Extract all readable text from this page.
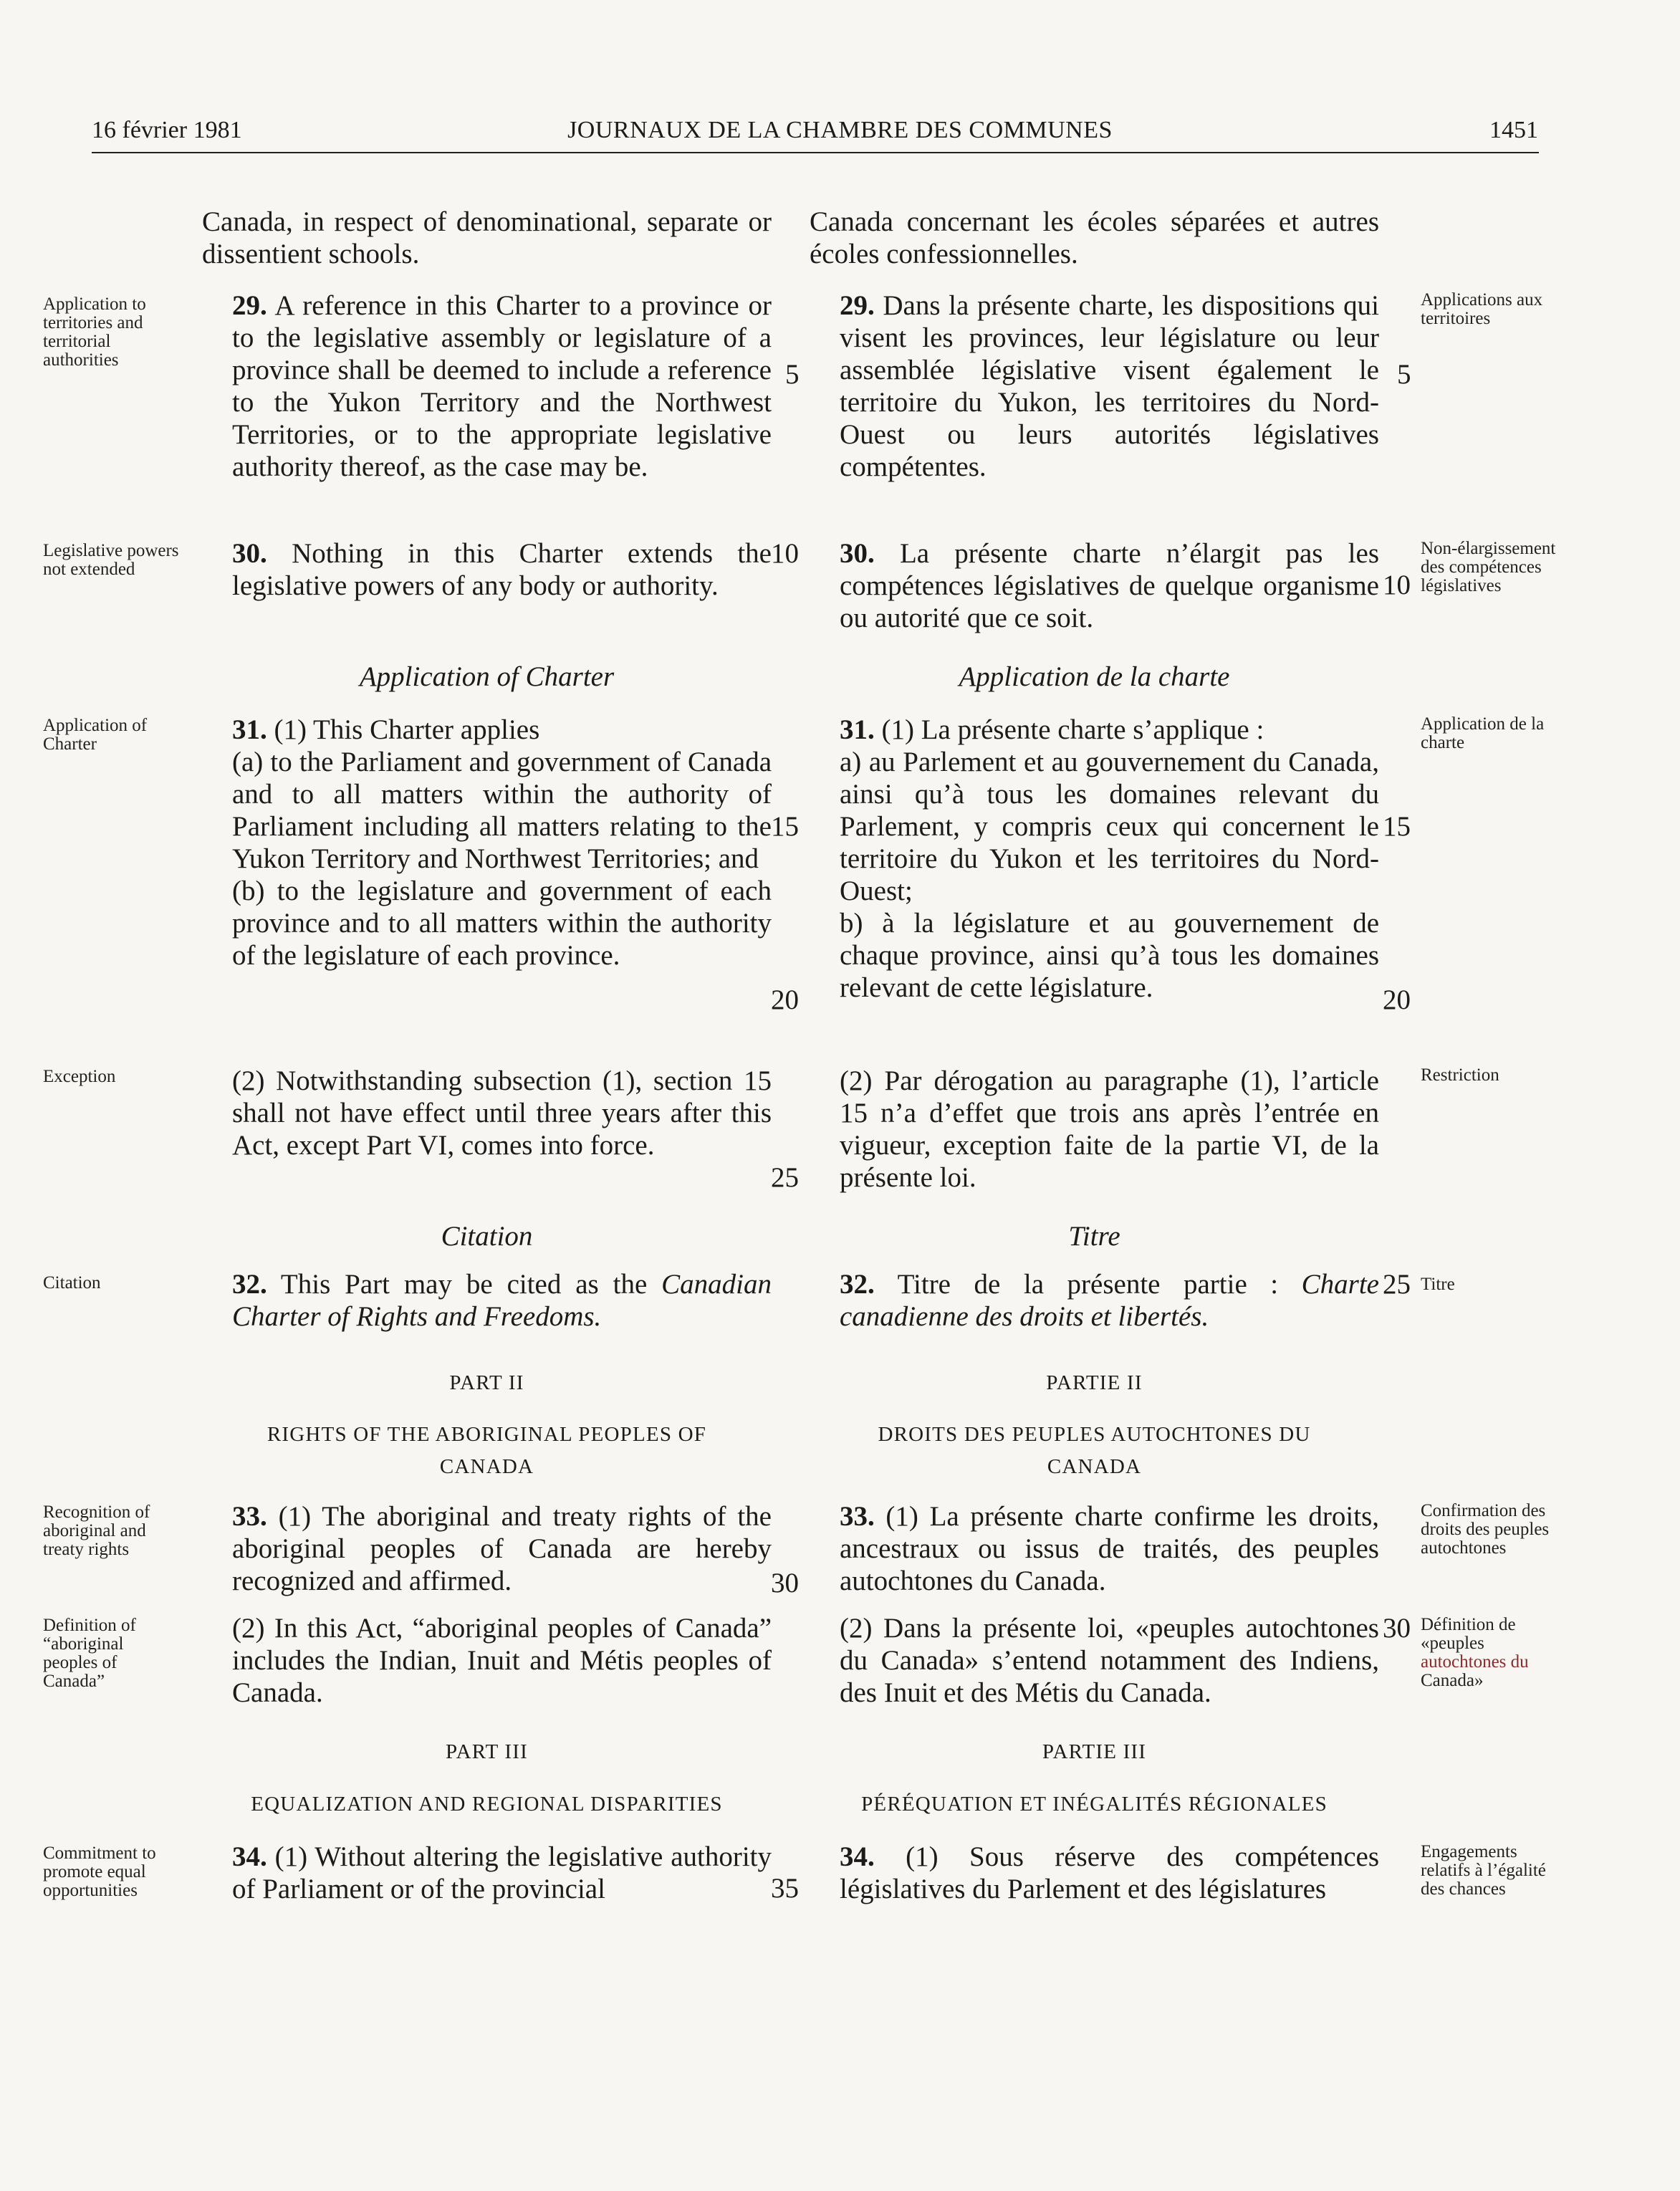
16 février 1981	JOURNAUX DE LA CHAMBRE DES COMMUNES	1451

Canada, in respect of denominational, separate or dissentient schools.

29. A reference in this Charter to a province or to the legislative assembly or legislature of a province shall be deemed to include a reference to the Yukon Territory and the Northwest Territories, or to the appropriate legislative authority thereof, as the case may be.

30. Nothing in this Charter extends the legislative powers of any body or authority.

Application of Charter

31. (1) This Charter applies

(a) to the Parliament and government of Canada and to all matters within the authority of Parliament including all matters relating to the Yukon Territory and Northwest Territories; and

(b) to the legislature and government of each province and to all matters within the authority of the legislature of each province.

(2) Notwithstanding subsection (1), section 15 shall not have effect until three years after this Act, except Part VI, comes into force.

Citation

32. This Part may be cited as the Canadian Charter of Rights and Freedoms.

PART II

RIGHTS OF THE ABORIGINAL PEOPLES OF CANADA

33. (1) The aboriginal and treaty rights of the aboriginal peoples of Canada are hereby recognized and affirmed.

(2) In this Act, “aboriginal peoples of Canada” includes the Indian, Inuit and Métis peoples of Canada.

PART III

EQUALIZATION AND REGIONAL DISPARITIES

34. (1) Without altering the legislative authority of Parliament or of the provincial

Canada concernant les écoles séparées et autres écoles confessionnelles.

29. Dans la présente charte, les dispositions qui visent les provinces, leur législature ou leur assemblée législative visent également le territoire du Yukon, les territoires du Nord-Ouest ou leurs autorités législatives compétentes.

30. La présente charte n’élargit pas les compétences législatives de quelque organisme ou autorité que ce soit.

Application de la charte

31. (1) La présente charte s’applique :

a) au Parlement et au gouvernement du Canada, ainsi qu’à tous les domaines relevant du Parlement, y compris ceux qui concernent le territoire du Yukon et les territoires du Nord-Ouest;

b) à la législature et au gouvernement de chaque province, ainsi qu’à tous les domaines relevant de cette législature.

(2) Par dérogation au paragraphe (1), l’article 15 n’a d’effet que trois ans après l’entrée en vigueur, exception faite de la partie VI, de la présente loi.

Titre

32. Titre de la présente partie : Charte canadienne des droits et libertés.

PARTIE II

DROITS DES PEUPLES AUTOCHTONES DU CANADA

33. (1) La présente charte confirme les droits, ancestraux ou issus de traités, des peuples autochtones du Canada.

(2) Dans la présente loi, «peuples autochtones du Canada» s’entend notamment des Indiens, des Inuit et des Métis du Canada.

PARTIE III

PÉRÉQUATION ET INÉGALITÉS RÉGIONALES

34. (1) Sous réserve des compétences législatives du Parlement et des législatures

Application to territories and territorial authorities
Legislative powers not extended
Application of Charter
Exception
Citation
Recognition of aboriginal and treaty rights
Definition of “aboriginal peoples of Canada”
Commitment to promote equal opportunities
Applications aux territoires
Non-élargissement des compétences législatives
Application de la charte
Restriction
Titre
Confirmation des droits des peuples autochtones
Définition de «peuples
autochtones du
Canada»
Engagements relatifs à l’égalité des chances
5
10
15
20
25
30
35
5
10
15
20
25
30
